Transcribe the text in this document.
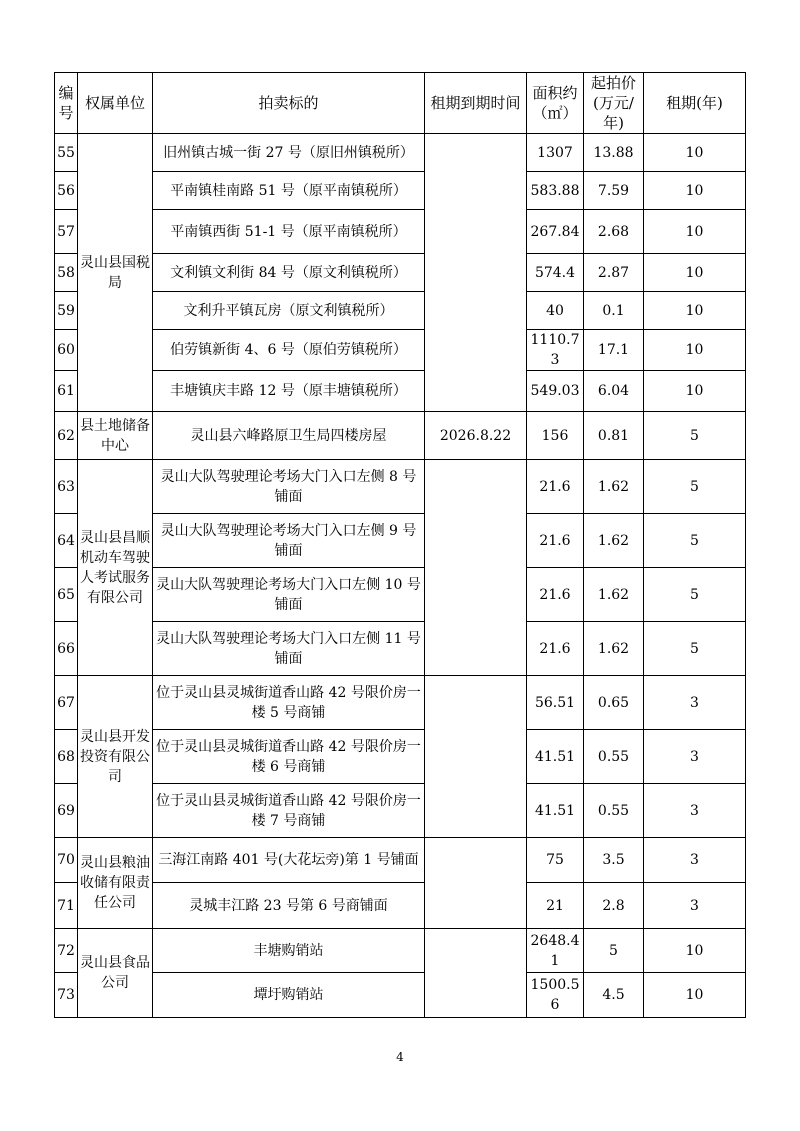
编号	权属单位	拍卖标的	租期到期时间	面积约（㎡）	起拍价(万元/年)	租期(年)
55	灵山县国税局	旧州镇古城一街 27 号（原旧州镇税所）		1307	13.88	10
56		平南镇桂南路 51 号（原平南镇税所）		583.88	7.59	10
57		平南镇西街 51-1 号（原平南镇税所）		267.84	2.68	10
58		文利镇文利街 84 号（原文利镇税所）		574.4	2.87	10
59		文利升平镇瓦房（原文利镇税所）		40	0.1	10
60		伯劳镇新街 4、6 号（原伯劳镇税所）		1110.73	17.1	10
61		丰塘镇庆丰路 12 号（原丰塘镇税所）		549.03	6.04	10
62	县土地储备中心	灵山县六峰路原卫生局四楼房屋	2026.8.22	156	0.81	5
63	灵山县昌顺机动车驾驶人考试服务有限公司	灵山大队驾驶理论考场大门入口左侧 8 号铺面		21.6	1.62	5
64		灵山大队驾驶理论考场大门入口左侧 9 号铺面		21.6	1.62	5
65		灵山大队驾驶理论考场大门入口左侧 10 号铺面		21.6	1.62	5
66		灵山大队驾驶理论考场大门入口左侧 11 号铺面		21.6	1.62	5
67	灵山县开发投资有限公司	位于灵山县灵城街道香山路 42 号限价房一楼 5 号商铺		56.51	0.65	3
68		位于灵山县灵城街道香山路 42 号限价房一楼 6 号商铺		41.51	0.55	3
69		位于灵山县灵城街道香山路 42 号限价房一楼 7 号商铺		41.51	0.55	3
70	灵山县粮油收储有限责任公司	三海江南路 401 号(大花坛旁)第 1 号铺面		75	3.5	3
71		灵城丰江路 23 号第 6 号商铺面		21	2.8	3
72	灵山县食品公司	丰塘购销站		2648.41	5	10
73		墰圩购销站		1500.56	4.5	10
4
